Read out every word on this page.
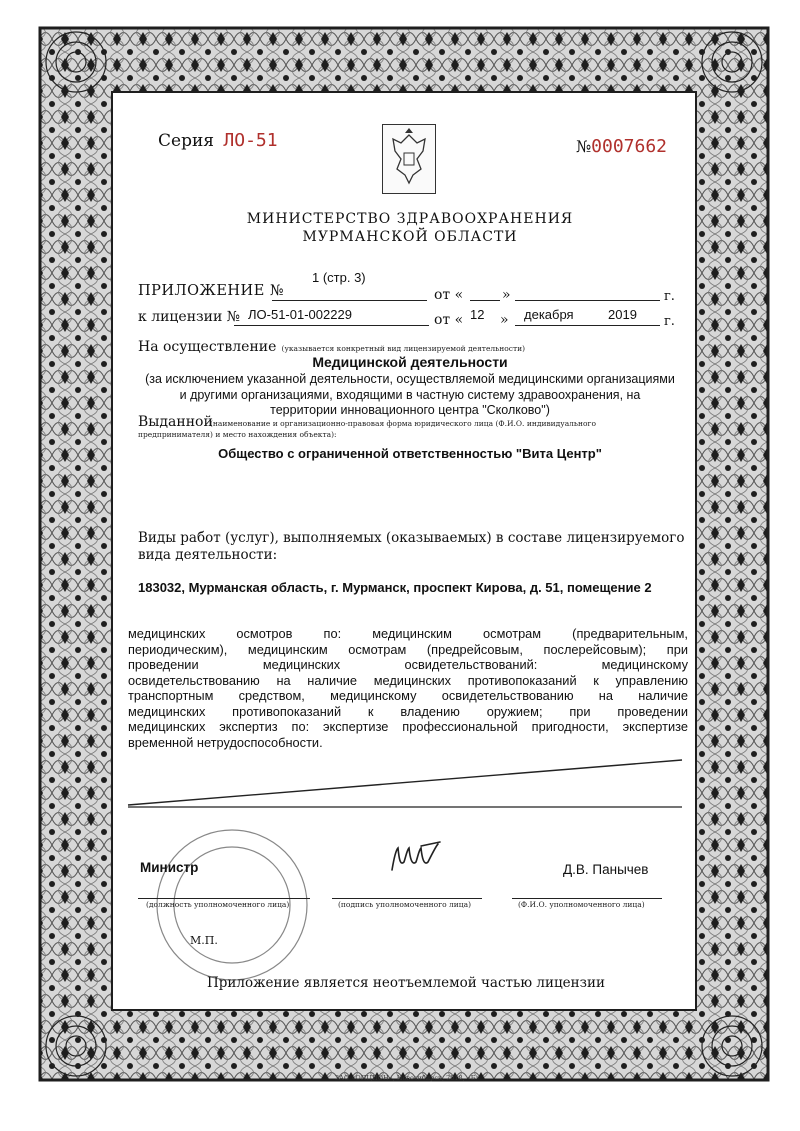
Серия ЛО-51	№0007662
МИНИСТЕРСТВО ЗДРАВООХРАНЕНИЯ
МУРМАНСКОЙ ОБЛАСТИ
1 (стр. 3)
ПРИЛОЖЕНИЕ №	от «	»	г.
к лицензии № ЛО-51-01-002229	от « 12 » декабря	2019 г.
На осуществление (указывается конкретный вид лицензируемой деятельности)
Медицинской деятельности
(за исключением указанной деятельности, осуществляемой медицинскими организациями
и другими организациями, входящими в частную систему здравоохранения, на
территории инновационного центра "Сколково")
Выданной
(наименование и организационно-правовая форма юридического лица (Ф.И.О. индивидуального
предпринимателя) и место нахождения объекта):
Общество с ограниченной ответственностью "Вита Центр"
Виды работ (услуг), выполняемых (оказываемых) в составе лицензируемого
вида деятельности:
183032, Мурманская область, г. Мурманск, проспект Кирова, д. 51, помещение 2
медицинских осмотров по: медицинским осмотрам (предварительным,
периодическим), медицинским осмотрам (предрейсовым, послерейсовым); при
проведении медицинских освидетельствований: медицинскому
освидетельствованию на наличие медицинских противопоказаний к управлению
транспортным средством, медицинскому освидетельствованию на наличие
медицинских противопоказаний к владению оружием; при проведении
медицинских экспертиз по: экспертизе профессиональной пригодности, экспертизе
временной нетрудоспособности.
Министр
(должность уполномоченного лица)	(подпись уполномоченного лица)
Д.В. Панычев
(Ф.И.О. уполномоченного лица)
М.П.
Приложение является неотъемлемой частью лицензии
ЗАО «ОПЦИОН», Новосибирск, 2018, «Б»
